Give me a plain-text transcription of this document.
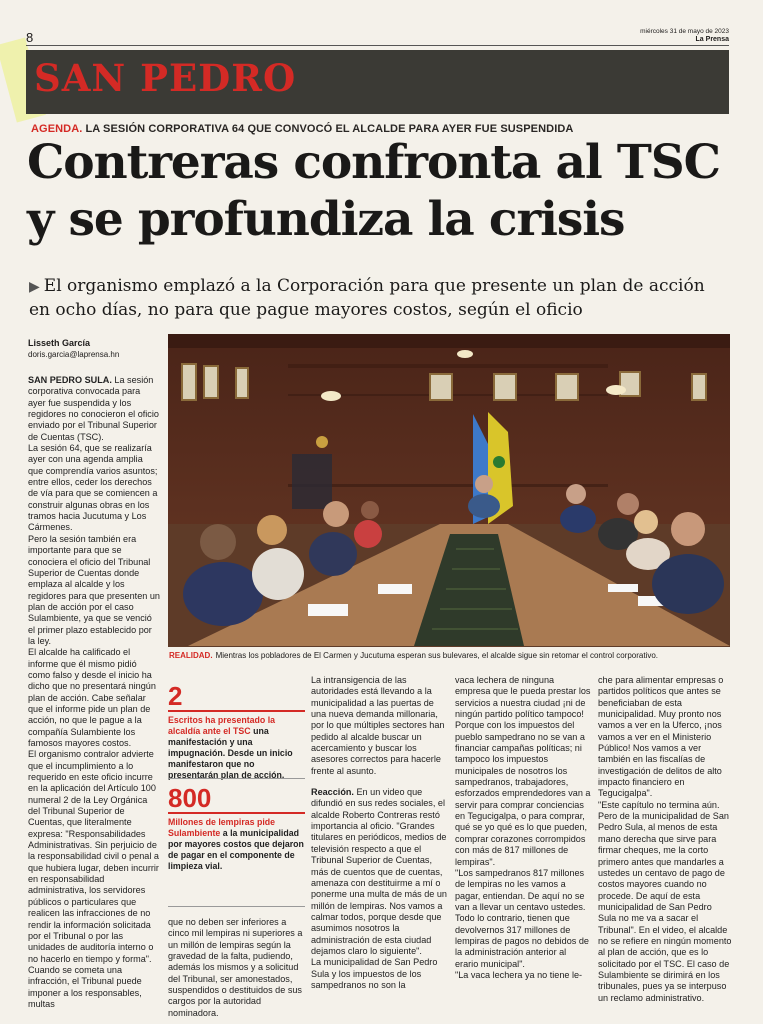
8	miércoles 31 de mayo de 2023
La Prensa
SAN PEDRO
AGENDA. LA SESIÓN CORPORATIVA 64 QUE CONVOCÓ EL ALCALDE PARA AYER FUE SUSPENDIDA
Contreras confronta al TSC
y se profundiza la crisis
▶ El organismo emplazó a la Corporación para que presente un plan de acción en ocho días, no para que pague mayores costos, según el oficio
Lisseth García
doris.garcia@laprensa.hn
REALIDAD. Mientras los pobladores de El Carmen y Jucutuma esperan sus bulevares, el alcalde sigue sin retomar el control corporativo.

SAN PEDRO SULA. La sesión corporativa convocada para ayer fue suspendida y los regidores no conocieron el oficio enviado por el Tribunal Superior de Cuentas (TSC).

La sesión 64, que se realizaría ayer con una agenda amplia que comprendía varios asuntos; entre ellos, ceder los derechos de vía para que se comiencen a construir algunas obras en los tramos hacia Jucutuma y Los Cármenes.

Pero la sesión también era importante para que se conociera el oficio del Tribunal Superior de Cuentas donde emplaza al alcalde y los regidores para que presenten un plan de acción por el caso Sulambiente, ya que se venció el primer plazo establecido por la ley.

El alcalde ha calificado el informe que él mismo pidió como falso y desde el inicio ha dicho que no presentará ningún plan de acción. Cabe señalar que el informe pide un plan de acción, no que le pague a la compañía Sulambiente los famosos mayores costos.

El organismo contralor advierte que el incumplimiento a lo requerido en este oficio incurre en la aplicación del Artículo 100 numeral 2 de la Ley Orgánica del Tribunal Superior de Cuentas, que literalmente expresa: "Responsabilidades Administrativas. Sin perjuicio de la responsabilidad civil o penal a que hubiera lugar, deben incurrir en responsabilidad administrativa, los servidores públicos o particulares que realicen las infracciones de no rendir la información solicitada por el Tribunal o por las unidades de auditoría interno o no hacerlo en tiempo y forma".

Cuando se cometa una infracción, el Tribunal puede imponer a los responsables, multas

2
Escritos ha presentado la alcaldía ante el TSC una manifestación y una impugnación. Desde un inicio manifestaron que no presentarán plan de acción.
800
Millones de lempiras pide Sulambiente a la municipalidad por mayores costos que dejaron de pagar en el componente de limpieza vial.

que no deben ser inferiores a cinco mil lempiras ni superiores a un millón de lempiras según la gravedad de la falta, pudiendo, además los mismos y a solicitud del Tribunal, ser amonestados, suspendidos o destituidos de sus cargos por la autoridad nominadora.

La intransigencia de las autoridades está llevando a la municipalidad a las puertas de una nueva demanda millonaria, por lo que múltiples sectores han pedido al alcalde buscar un acercamiento y buscar los asesores correctos para hacerle frente al asunto.

Reacción. En un video que difundió en sus redes sociales, el alcalde Roberto Contreras restó importancia al oficio. "Grandes titulares en periódicos, medios de televisión respecto a que el Tribunal Superior de Cuentas, más de cuentos que de cuentas, amenaza con destituirme a mí o ponerme una multa de más de un millón de lempiras. Nos vamos a calmar todos, porque desde que asumimos nosotros la administración de esta ciudad dejamos claro lo siguiente".

La municipalidad de San Pedro Sula y los impuestos de los sampedranos no son la

vaca lechera de ninguna empresa que le pueda prestar los servicios a nuestra ciudad ¡ni de ningún partido político tampoco! Porque con los impuestos del pueblo sampedrano no se van a financiar campañas políticas; ni tampoco los impuestos municipales de nosotros los sampedranos, trabajadores, esforzados emprendedores van a servir para comprar conciencias en Tegucigalpa, o para comprar, qué se yo qué es lo que pueden, comprar corazones corrompidos con más de 817 millones de lempiras".

"Los sampedranos 817 millones de lempiras no les vamos a pagar, entiendan. De aquí no se van a llevar un centavo ustedes. Todo lo contrario, tienen que devolvernos 317 millones de lempiras de pagos no debidos de la administración anterior al erario municipal".

"La vaca lechera ya no tiene le-

che para alimentar empresas o partidos políticos que antes se beneficiaban de esta municipalidad. Muy pronto nos vamos a ver en la Uferco, ¡nos vamos a ver en el Ministerio Público! Nos vamos a ver también en las fiscalías de investigación de delitos de alto impacto financiero en Tegucigalpa".

"Este capítulo no termina aún. Pero de la municipalidad de San Pedro Sula, al menos de esta mano derecha que sirve para firmar cheques, me la corto primero antes que mandarles a ustedes un centavo de pago de costos mayores cuando no procede. De aquí de esta municipalidad de San Pedro Sula no me va a sacar el Tribunal". En el video, el alcalde no se refiere en ningún momento al plan de acción, que es lo solicitado por el TSC. El caso de Sulambiente se dirimirá en los tribunales, pues ya se interpuso un reclamo administrativo.
